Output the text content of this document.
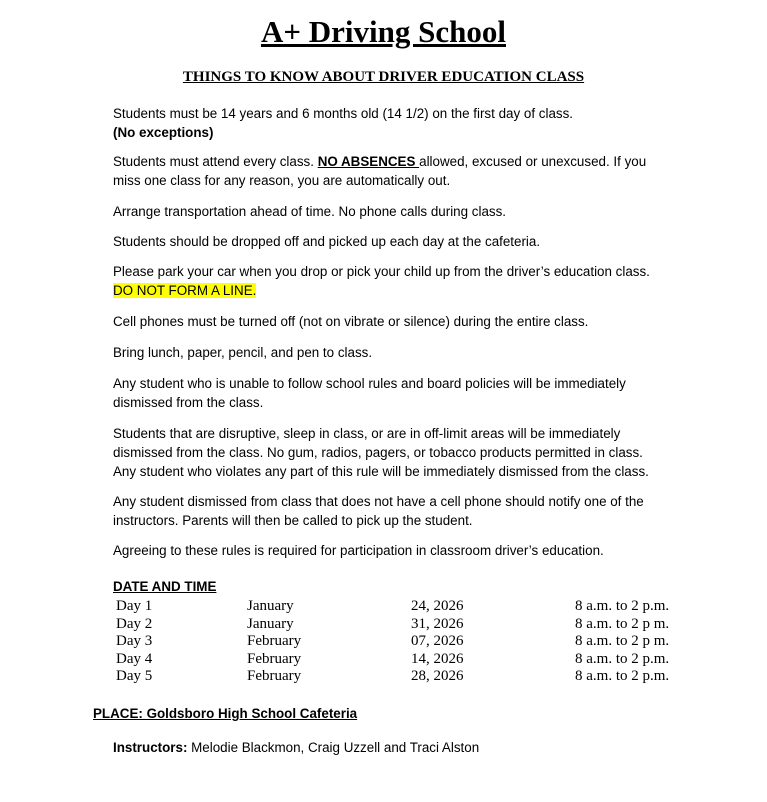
A+ Driving School
THINGS TO KNOW ABOUT DRIVER EDUCATION CLASS
Students must be 14 years and 6 months old (14 1/2) on the first day of class.
(No exceptions)
Students must attend every class. NO ABSENCES allowed, excused or unexcused. If you
miss one class for any reason, you are automatically out.
Arrange transportation ahead of time. No phone calls during class.
Students should be dropped off and picked up each day at the cafeteria.
Please park your car when you drop or pick your child up from the driver’s education class.
DO NOT FORM A LINE.
Cell phones must be turned off (not on vibrate or silence) during the entire class.
Bring lunch, paper, pencil, and pen to class.
Any student who is unable to follow school rules and board policies will be immediately
dismissed from the class.
Students that are disruptive, sleep in class, or are in off-limit areas will be immediately
dismissed from the class. No gum, radios, pagers, or tobacco products permitted in class.
Any student who violates any part of this rule will be immediately dismissed from the class.
Any student dismissed from class that does not have a cell phone should notify one of the
instructors. Parents will then be called to pick up the student.
Agreeing to these rules is required for participation in classroom driver’s education.
DATE AND TIME
Day 1	January	24, 2026	8 a.m. to 2 p.m.
Day 2	January	31, 2026	8 a.m. to 2 p m.
Day 3	February	07, 2026	8 a.m. to 2 p m.
Day 4	February	14, 2026	8 a.m. to 2 p.m.
Day 5	February	28, 2026	8 a.m. to 2 p.m.
PLACE: Goldsboro High School Cafeteria
Instructors: Melodie Blackmon, Craig Uzzell and Traci Alston
